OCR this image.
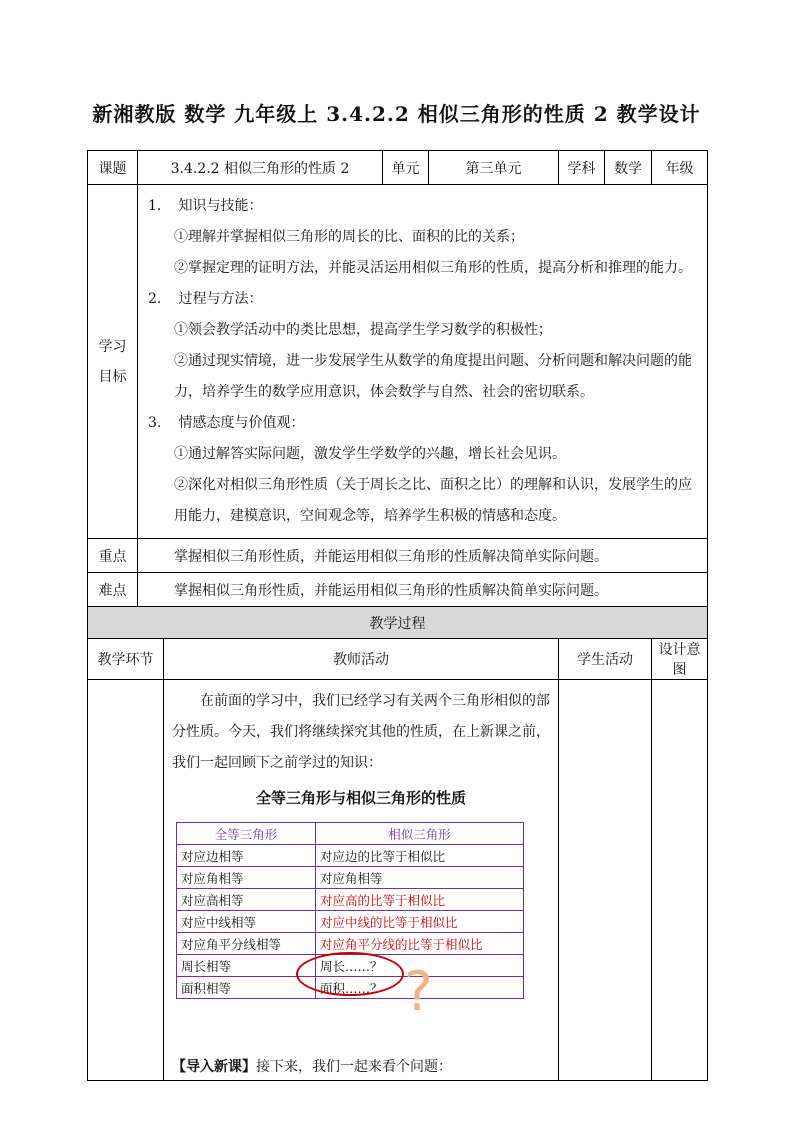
新湘教版 数学 九年级上 3.4.2.2 相似三角形的性质 2 教学设计
课题	3.4.2.2 相似三角形的性质 2	单元	第三单元	学科	数学	年级

学习
目标

1. 知识与技能：
①理解并掌握相似三角形的周长的比、面积的比的关系；
②掌握定理的证明方法，并能灵活运用相似三角形的性质，提高分析和推理的能力。
2. 过程与方法：
①领会教学活动中的类比思想，提高学生学习数学的积极性；
②通过现实情境，进一步发展学生从数学的角度提出问题、分析问题和解决问题的能力，培养学生的数学应用意识，体会数学与自然、社会的密切联系。
3. 情感态度与价值观：
①通过解答实际问题，激发学生学数学的兴趣，增长社会见识。
②深化对相似三角形性质（关于周长之比、面积之比）的理解和认识，发展学生的应用能力，建模意识，空间观念等，培养学生积极的情感和态度。

重点	掌握相似三角形性质，并能运用相似三角形的性质解决简单实际问题。
难点	掌握相似三角形性质，并能运用相似三角形的性质解决简单实际问题。
教学过程
教学环节	教师活动	学生活动	设计意图

在前面的学习中，我们已经学习有关两个三角形相似的部分性质。今天，我们将继续探究其他的性质，在上新课之前，我们一起回顾下之前学过的知识：
全等三角形与相似三角形的性质
全等三角形	相似三角形
对应边相等	对应边的比等于相似比
对应角相等	对应角相等
对应高相等	对应高的比等于相似比
对应中线相等	对应中线的比等于相似比
对应角平分线相等	对应角平分线的比等于相似比
周长相等	周长……？
面积相等	面积……？ ?
【导入新课】接下来，我们一起来看个问题：
